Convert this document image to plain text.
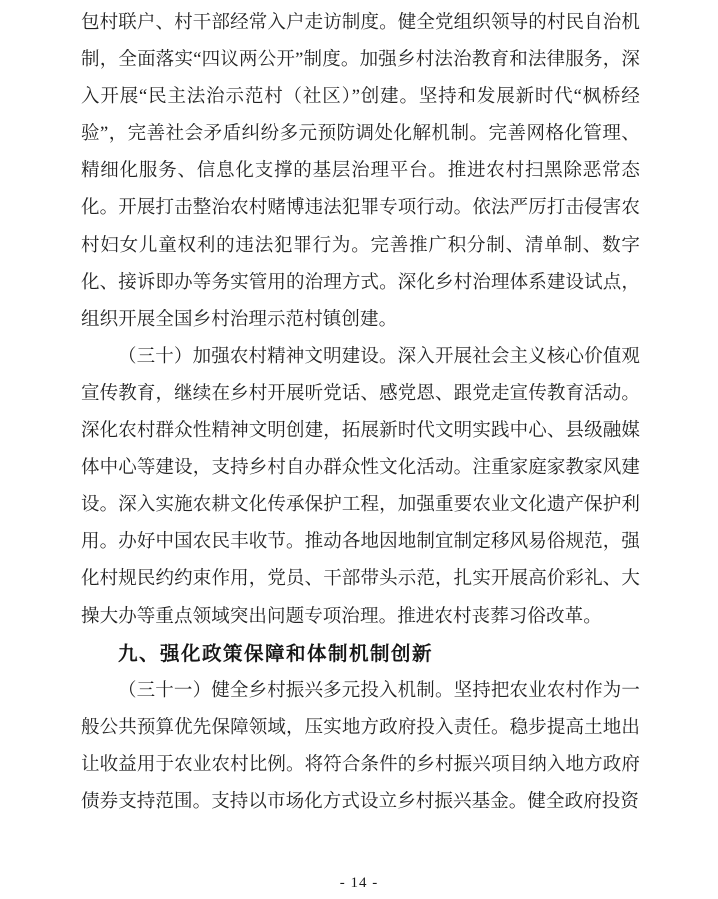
包村联户、村干部经常入户走访制度。健全党组织领导的村民自治机制，全面落实“四议两公开”制度。加强乡村法治教育和法律服务，深入开展“民主法治示范村（社区）”创建。坚持和发展新时代“枫桥经验”，完善社会矛盾纠纷多元预防调处化解机制。完善网格化管理、精细化服务、信息化支撑的基层治理平台。推进农村扫黑除恶常态化。开展打击整治农村赌博违法犯罪专项行动。依法严厉打击侵害农村妇女儿童权利的违法犯罪行为。完善推广积分制、清单制、数字化、接诉即办等务实管用的治理方式。深化乡村治理体系建设试点，组织开展全国乡村治理示范村镇创建。

（三十）加强农村精神文明建设。深入开展社会主义核心价值观宣传教育，继续在乡村开展听党话、感党恩、跟党走宣传教育活动。深化农村群众性精神文明创建，拓展新时代文明实践中心、县级融媒体中心等建设，支持乡村自办群众性文化活动。注重家庭家教家风建设。深入实施农耕文化传承保护工程，加强重要农业文化遗产保护利用。办好中国农民丰收节。推动各地因地制宜制定移风易俗规范，强化村规民约约束作用，党员、干部带头示范，扎实开展高价彩礼、大操大办等重点领域突出问题专项治理。推进农村丧葬习俗改革。

九、强化政策保障和体制机制创新

（三十一）健全乡村振兴多元投入机制。坚持把农业农村作为一般公共预算优先保障领域，压实地方政府投入责任。稳步提高土地出让收益用于农业农村比例。将符合条件的乡村振兴项目纳入地方政府债券支持范围。支持以市场化方式设立乡村振兴基金。健全政府投资

- 14 -
